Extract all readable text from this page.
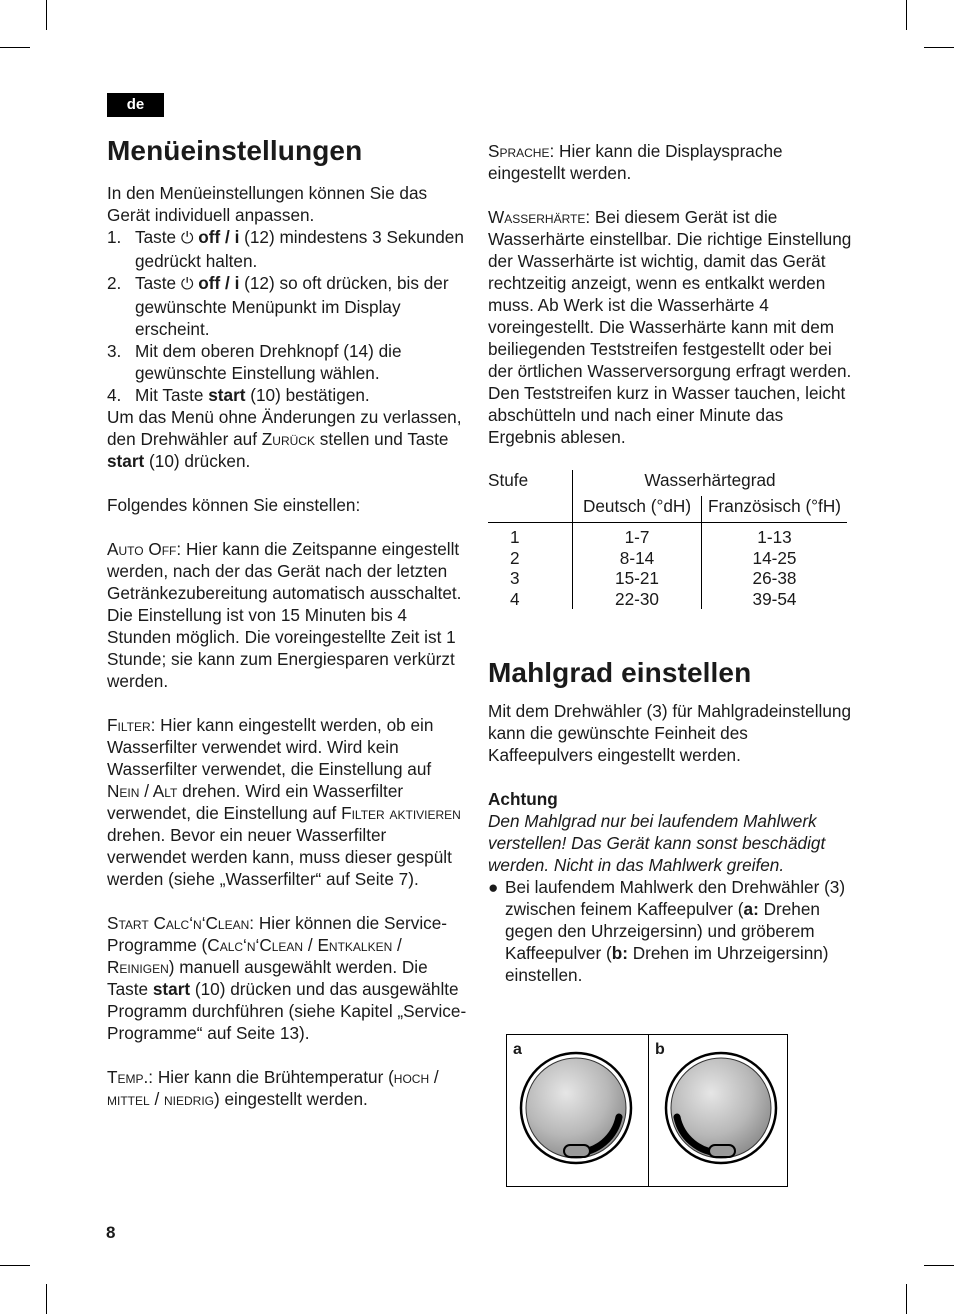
de
Menüeinstellungen

In den Menüeinstellungen können Sie das Gerät individuell anpassen.

1. Taste ⏻ off / i (12) mindestens 3 Sekunden gedrückt halten.
2. Taste ⏻ off / i (12) so oft drücken, bis der gewünschte Menüpunkt im Display erscheint.
3. Mit dem oberen Drehknopf (14) die gewünschte Einstellung wählen.
4. Mit Taste start (10) bestätigen.

Um das Menü ohne Änderungen zu verlassen, den Drehwähler auf Zurück stellen und Taste start (10) drücken.

Folgendes können Sie einstellen:

Auto Off: Hier kann die Zeitspanne eingestellt werden, nach der das Gerät nach der letzten Getränkezubereitung automatisch ausschaltet. Die Einstellung ist von 15 Minuten bis 4 Stunden möglich. Die voreingestellte Zeit ist 1 Stunde; sie kann zum Energiesparen verkürzt werden.

Filter: Hier kann eingestellt werden, ob ein Wasserfilter verwendet wird. Wird kein Wasserfilter verwendet, die Einstellung auf Nein / Alt drehen. Wird ein Wasserfilter verwendet, die Einstellung auf Filter aktivieren drehen. Bevor ein neuer Wasserfilter verwendet werden kann, muss dieser gespült werden (siehe „Wasserfilter“ auf Seite 7).

Start Calc‘n‘Clean: Hier können die Service-Programme (Calc‘n‘Clean / Entkalken / Reinigen) manuell ausgewählt werden. Die Taste start (10) drücken und das ausgewählte Programm durchführen (siehe Kapitel „Service-Programme“ auf Seite 13).

Temp.: Hier kann die Brühtemperatur (hoch / mittel / niedrig) eingestellt werden.

Sprache: Hier kann die Displaysprache eingestellt werden.

Wasserhärte: Bei diesem Gerät ist die Wasserhärte einstellbar. Die richtige Einstellung der Wasserhärte ist wichtig, damit das Gerät rechtzeitig anzeigt, wenn es entkalkt werden muss. Ab Werk ist die Wasserhärte 4 voreingestellt. Die Wasserhärte kann mit dem beiliegenden Teststreifen festgestellt oder bei der örtlichen Wasserversorgung erfragt werden.

Den Teststreifen kurz in Wasser tauchen, leicht abschütteln und nach einer Minute das Ergebnis ablesen.

Stufe	Wasserhärtegrad	
	Deutsch (°dH)	Französisch (°fH)
1	1-7	1-13
2	8-14	14-25
3	15-21	26-38
4	22-30	39-54
Mahlgrad einstellen

Mit dem Drehwähler (3) für Mahlgradeinstellung kann die gewünschte Feinheit des Kaffeepulvers eingestellt werden.

Achtung

Den Mahlgrad nur bei laufendem Mahlwerk verstellen! Das Gerät kann sonst beschädigt werden. Nicht in das Mahlwerk greifen.

● Bei laufendem Mahlwerk den Drehwähler (3) zwischen feinem Kaffeepulver (a: Drehen gegen den Uhrzeigersinn) und gröberem Kaffeepulver (b: Drehen im Uhrzeigersinn) einstellen.
a	b
8
